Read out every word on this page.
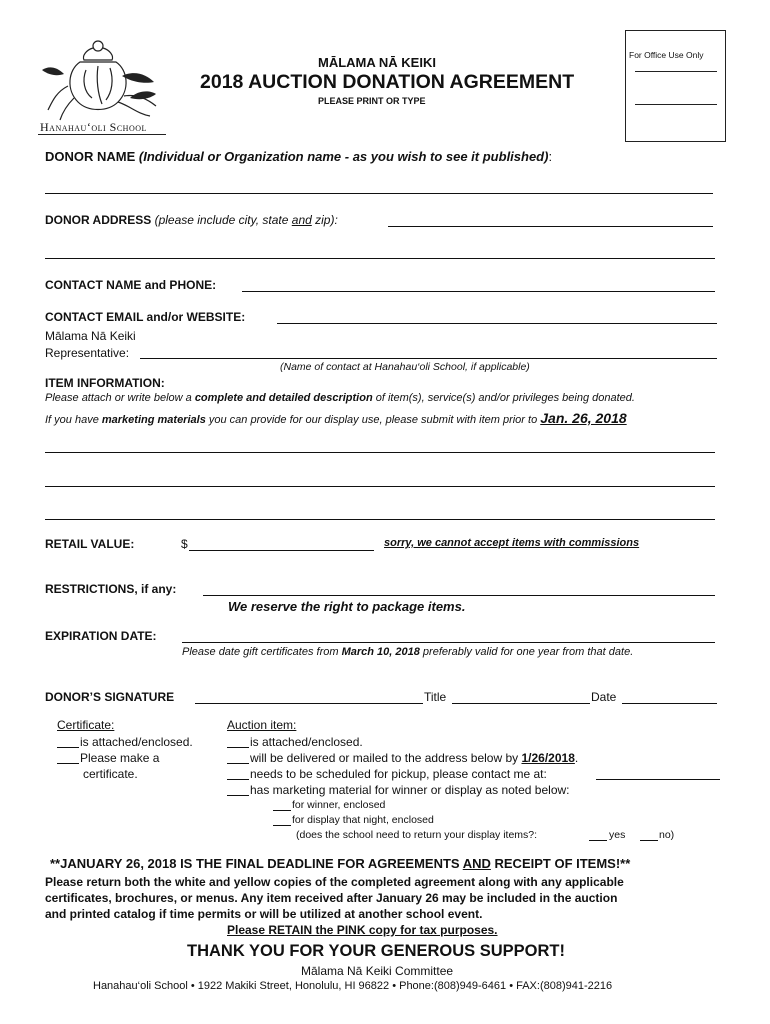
Hanahau‘oli School
MĀLAMA NĀ KEIKI
2018 AUCTION DONATION AGREEMENT
PLEASE PRINT OR TYPE
For Office Use Only
DONOR NAME (Individual or Organization name - as you wish to see it published):
DONOR ADDRESS (please include city, state and zip):
CONTACT NAME and PHONE:
CONTACT EMAIL and/or WEBSITE:
Mālama Nā Keiki
Representative:
(Name of contact at Hanahau‘oli School, if applicable)
ITEM INFORMATION:
Please attach or write below a complete and detailed description of item(s), service(s) and/or privileges being donated.
If you have marketing materials you can provide for our display use, please submit with item prior to Jan. 26, 2018
RETAIL VALUE:	$	sorry, we cannot accept items with commissions
RESTRICTIONS, if any:
We reserve the right to package items.
EXPIRATION DATE:
Please date gift certificates from March 10, 2018 preferably valid for one year from that date.
DONOR’S SIGNATURE	Title	Date
Certificate:
is attached/enclosed.
Please make a
certificate.
Auction item:
is attached/enclosed.
will be delivered or mailed to the address below by 1/26/2018.
needs to be scheduled for pickup, please contact me at:
has marketing material for winner or display as noted below:
for winner, enclosed
for display that night, enclosed
(does the school need to return your display items?:	yes	no)
**JANUARY 26, 2018 IS THE FINAL DEADLINE FOR AGREEMENTS AND RECEIPT OF ITEMS!**
Please return both the white and yellow copies of the completed agreement along with any applicable
certificates, brochures, or menus. Any item received after January 26 may be included in the auction
and printed catalog if time permits or will be utilized at another school event.
Please RETAIN the PINK copy for tax purposes.
THANK YOU FOR YOUR GENEROUS SUPPORT!
Mālama Nā Keiki Committee
Hanahau‘oli School • 1922 Makiki Street, Honolulu, HI 96822 • Phone:(808)949-6461 • FAX:(808)941-2216
